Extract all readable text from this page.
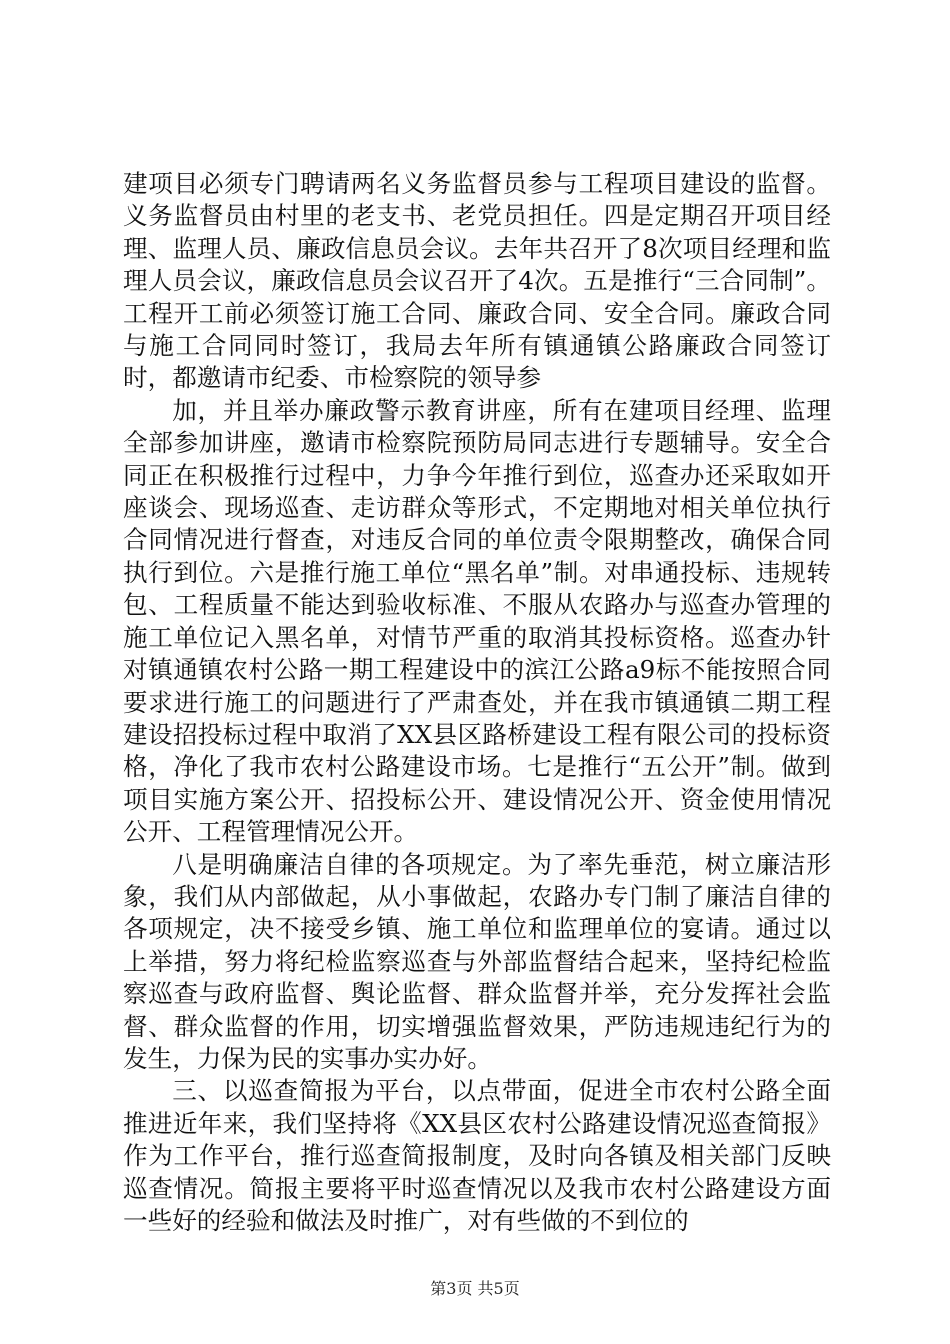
建项目必须专门聘请两名义务监督员参与工程项目建设的监督。义务监督员由村里的老支书、老党员担任。四是定期召开项目经理、监理人员、廉政信息员会议。去年共召开了8次项目经理和监理人员会议，廉政信息员会议召开了4次。五是推行“三合同制”。工程开工前必须签订施工合同、廉政合同、安全合同。廉政合同与施工合同同时签订，我局去年所有镇通镇公路廉政合同签订时，都邀请市纪委、市检察院的领导参

加，并且举办廉政警示教育讲座，所有在建项目经理、监理全部参加讲座，邀请市检察院预防局同志进行专题辅导。安全合同正在积极推行过程中，力争今年推行到位，巡查办还采取如开座谈会、现场巡查、走访群众等形式，不定期地对相关单位执行合同情况进行督查，对违反合同的单位责令限期整改，确保合同执行到位。六是推行施工单位“黑名单”制。对串通投标、违规转包、工程质量不能达到验收标准、不服从农路办与巡查办管理的施工单位记入黑名单，对情节严重的取消其投标资格。巡查办针对镇通镇农村公路一期工程建设中的滨江公路a9标不能按照合同要求进行施工的问题进行了严肃查处，并在我市镇通镇二期工程建设招投标过程中取消了XX县区路桥建设工程有限公司的投标资格，净化了我市农村公路建设市场。七是推行“五公开”制。做到项目实施方案公开、招投标公开、建设情况公开、资金使用情况公开、工程管理情况公开。

八是明确廉洁自律的各项规定。为了率先垂范，树立廉洁形象，我们从内部做起，从小事做起，农路办专门制了廉洁自律的各项规定，决不接受乡镇、施工单位和监理单位的宴请。通过以上举措，努力将纪检监察巡查与外部监督结合起来，坚持纪检监察巡查与政府监督、舆论监督、群众监督并举，充分发挥社会监督、群众监督的作用，切实增强监督效果，严防违规违纪行为的发生，力保为民的实事办实办好。

三、以巡查简报为平台，以点带面，促进全市农村公路全面推进近年来，我们坚持将《XX县区农村公路建设情况巡查简报》作为工作平台，推行巡查简报制度，及时向各镇及相关部门反映巡查情况。简报主要将平时巡查情况以及我市农村公路建设方面一些好的经验和做法及时推广，对有些做的不到位的

第3页 共5页
